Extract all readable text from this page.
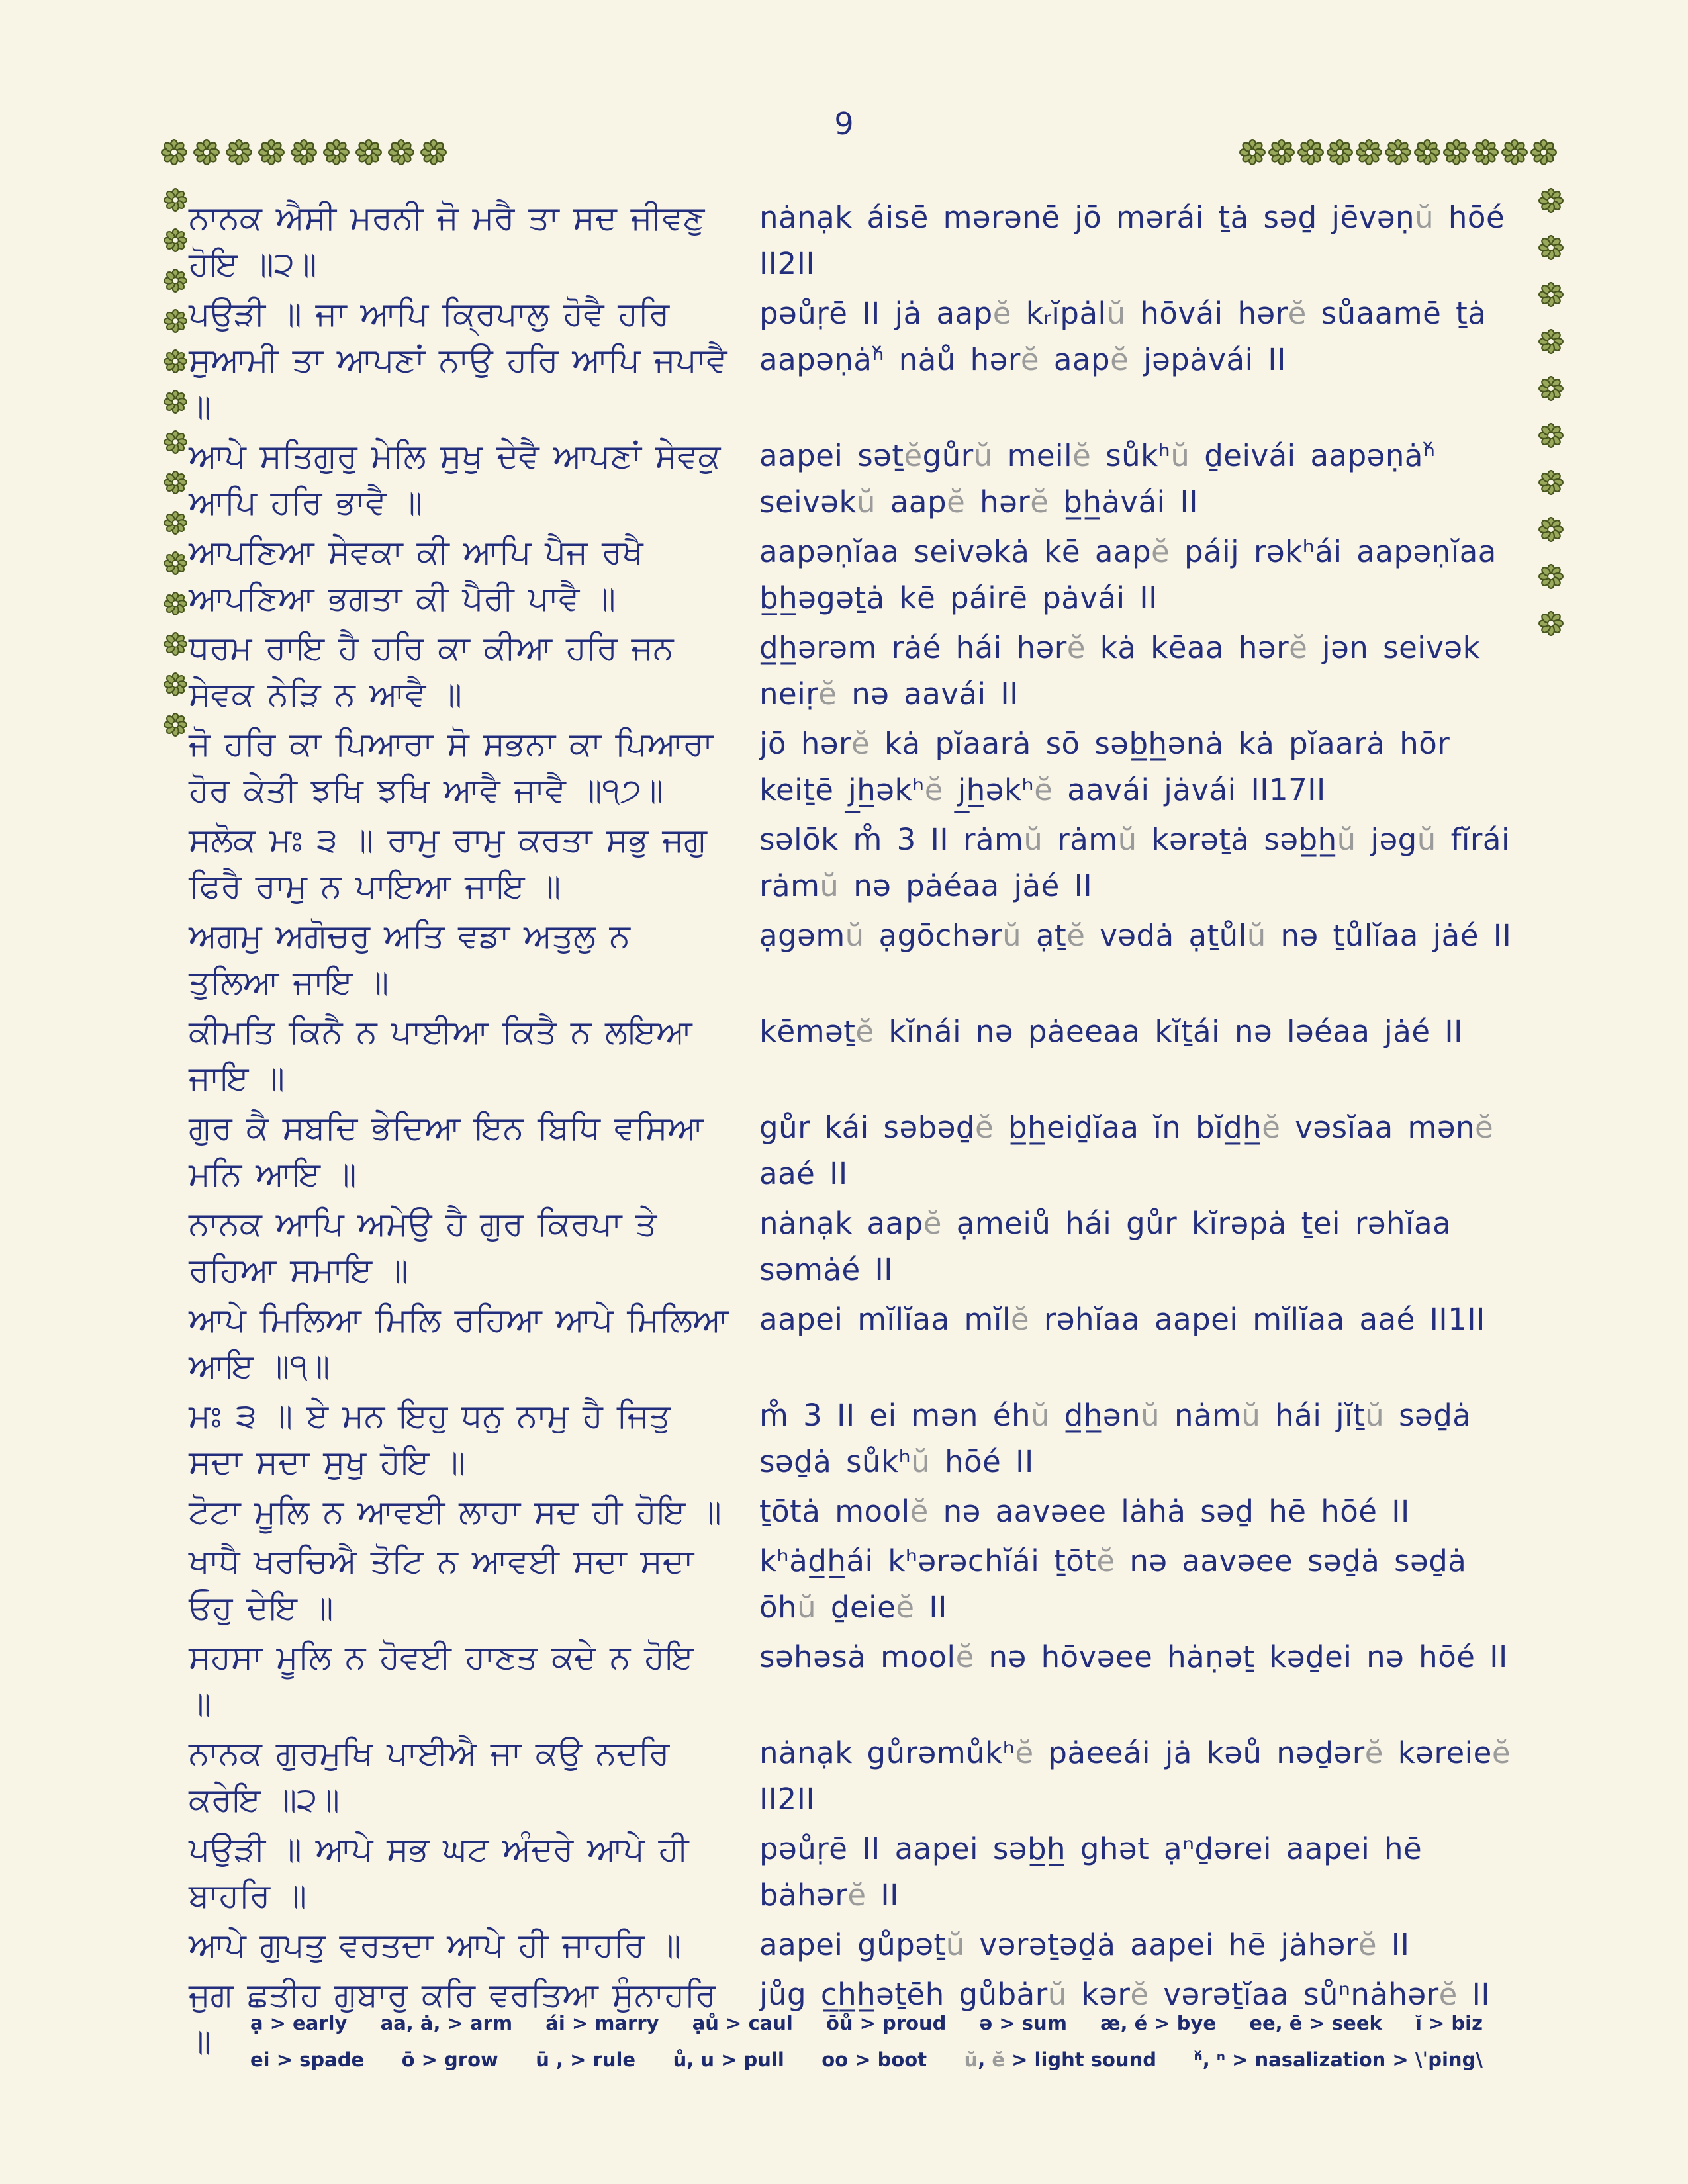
9
ਨਾਨਕ ਐਸੀ ਮਰਨੀ ਜੋ ਮਰੈ ਤਾ ਸਦ ਜੀਵਣੁ ਹੋਇ ॥੨॥
nȧnạk áisē mərənē jō mərái ṯȧ səḏ jēvəṇŭ hōé II2II
ਪਉੜੀ ॥ ਜਾ ਆਪਿ ਕ੍ਰਿਪਾਲੁ ਹੋਵੈ ਹਰਿ ਸੁਆਮੀ ਤਾ ਆਪਣਾਂ ਨਾਉ ਹਰਿ ਆਪਿ ਜਪਾਵੈ ॥
pəůṛē II jȧ aapĕ kᵣĭpȧlŭ hōvái hərĕ sůaamē ṯȧ aapəṇȧⁿ̌ nȧů hərĕ aapĕ jəpȧvái II
ਆਪੇ ਸਤਿਗੁਰੁ ਮੇਲਿ ਸੁਖੁ ਦੇਵੈ ਆਪਣਾਂ ਸੇਵਕੁ ਆਪਿ ਹਰਿ ਭਾਵੈ ॥
aapei səṯĕgůrŭ meilĕ sůkʰŭ ḏeivái aapəṇȧⁿ̌ seivəkŭ aapĕ hərĕ b̲h̲ȧvái II
ਆਪਣਿਆ ਸੇਵਕਾ ਕੀ ਆਪਿ ਪੈਜ ਰਖੈ ਆਪਣਿਆ ਭਗਤਾ ਕੀ ਪੈਰੀ ਪਾਵੈ ॥
aapəṇĭaa seivəkȧ kē aapĕ páij rəkʰái aapəṇĭaa b̲h̲əgəṯȧ kē páirē pȧvái II
ਧਰਮ ਰਾਇ ਹੈ ਹਰਿ ਕਾ ਕੀਆ ਹਰਿ ਜਨ ਸੇਵਕ ਨੇੜਿ ਨ ਆਵੈ ॥
d̲h̲ərəm rȧé hái hərĕ kȧ kēaa hərĕ jən seivək neiṛĕ nə aavái II
ਜੋ ਹਰਿ ਕਾ ਪਿਆਰਾ ਸੋ ਸਭਨਾ ਕਾ ਪਿਆਰਾ ਹੋਰ ਕੇਤੀ ਝਖਿ ਝਖਿ ਆਵੈ ਜਾਵੈ ॥੧੭॥
jō hərĕ kȧ pĭaarȧ sō səb̲h̲ənȧ kȧ pĭaarȧ hōr keiṯē j̲h̲əkʰĕ j̲h̲əkʰĕ aavái jȧvái II17II
ਸਲੋਕ ਮਃ ੩ ॥ ਰਾਮੁ ਰਾਮੁ ਕਰਤਾ ਸਭੁ ਜਗੁ ਫਿਰੈ ਰਾਮੁ ਨ ਪਾਇਆ ਜਾਇ ॥
səlōk m̊ 3 II rȧmŭ rȧmŭ kərəṯȧ səb̲h̲ŭ jəgŭ fĭrái rȧmŭ nə pȧéaa jȧé II
ਅਗਮੁ ਅਗੋਚਰੁ ਅਤਿ ਵਡਾ ਅਤੁਲੁ ਨ ਤੁਲਿਆ ਜਾਇ ॥
ạgəmŭ ạgōchərŭ ạṯĕ vədȧ ạṯůlŭ nə ṯůlĭaa jȧé II
ਕੀਮਤਿ ਕਿਨੈ ਨ ਪਾਈਆ ਕਿਤੈ ਨ ਲਇਆ ਜਾਇ ॥
kēməṯĕ kĭnái nə pȧeeaa kĭṯái nə ləéaa jȧé II
ਗੁਰ ਕੈ ਸਬਦਿ ਭੇਦਿਆ ਇਨ ਬਿਧਿ ਵਸਿਆ ਮਨਿ ਆਇ ॥
gůr kái səbəḏĕ b̲h̲eiḏĭaa ĭn bĭd̲h̲ĕ vəsĭaa mənĕ aaé II
ਨਾਨਕ ਆਪਿ ਅਮੇਉ ਹੈ ਗੁਰ ਕਿਰਪਾ ਤੇ ਰਹਿਆ ਸਮਾਇ ॥
nȧnạk aapĕ ạmeiů hái gůr kĭrəpȧ ṯei rəhĭaa səmȧé II
ਆਪੇ ਮਿਲਿਆ ਮਿਲਿ ਰਹਿਆ ਆਪੇ ਮਿਲਿਆ ਆਇ ॥੧॥
aapei mĭlĭaa mĭlĕ rəhĭaa aapei mĭlĭaa aaé II1II
ਮਃ ੩ ॥ ਏ ਮਨ ਇਹੁ ਧਨੁ ਨਾਮੁ ਹੈ ਜਿਤੁ ਸਦਾ ਸਦਾ ਸੁਖੁ ਹੋਇ ॥
m̊ 3 II ei mən éhŭ d̲h̲ənŭ nȧmŭ hái jĭṯŭ səḏȧ səḏȧ sůkʰŭ hōé II
ਟੋਟਾ ਮੂਲਿ ਨ ਆਵਈ ਲਾਹਾ ਸਦ ਹੀ ਹੋਇ ॥	ṯōtȧ moolĕ nə aavəee lȧhȧ səḏ hē hōé II
ਖਾਧੈ ਖਰਚਿਐ ਤੋਟਿ ਨ ਆਵਈ ਸਦਾ ਸਦਾ ਓਹੁ ਦੇਇ ॥
kʰȧd̲h̲ái kʰərəchĭái ṯōtĕ nə aavəee səḏȧ səḏȧ ōhŭ ḏeieĕ II
ਸਹਸਾ ਮੂਲਿ ਨ ਹੋਵਈ ਹਾਣਤ ਕਦੇ ਨ ਹੋਇ ॥
səhəsȧ moolĕ nə hōvəee hȧṇəṯ kəḏei nə hōé II
ਨਾਨਕ ਗੁਰਮੁਖਿ ਪਾਈਐ ਜਾ ਕਉ ਨਦਰਿ ਕਰੇਇ ॥੨॥
nȧnạk gůrəmůkʰĕ pȧeeái jȧ kəů nəḏərĕ kəreieĕ II2II
ਪਉੜੀ ॥ ਆਪੇ ਸਭ ਘਟ ਅੰਦਰੇ ਆਪੇ ਹੀ ਬਾਹਰਿ ॥
pəůṛē II aapei səb̲h̲ ghət ạⁿḏərei aapei hē bȧhərĕ II
ਆਪੇ ਗੁਪਤੁ ਵਰਤਦਾ ਆਪੇ ਹੀ ਜਾਹਰਿ ॥	aapei gůpəṯŭ vərəṯəḏȧ aapei hē jȧhərĕ II
ਜੁਗ ਛਤੀਹ ਗੁਬਾਰੁ ਕਰਿ ਵਰਤਿਆ ਸੁੰਨਾਹਰਿ ॥
jůg c̲h̲h̲əṯēh gůbȧrŭ kərĕ vərəṯĭaa sůⁿnȧhərĕ II
ạ > early aa, ȧ, > arm ái > marry ạů > caul ōů > proud ə > sum æ, é > bye ee, ē > seek ĭ > biz
ei > spade ō > grow ū , > rule ů, u > pull oo > boot ŭ, ĕ > light sound ⁿ̌, ⁿ > nasalization > \ˈping\
